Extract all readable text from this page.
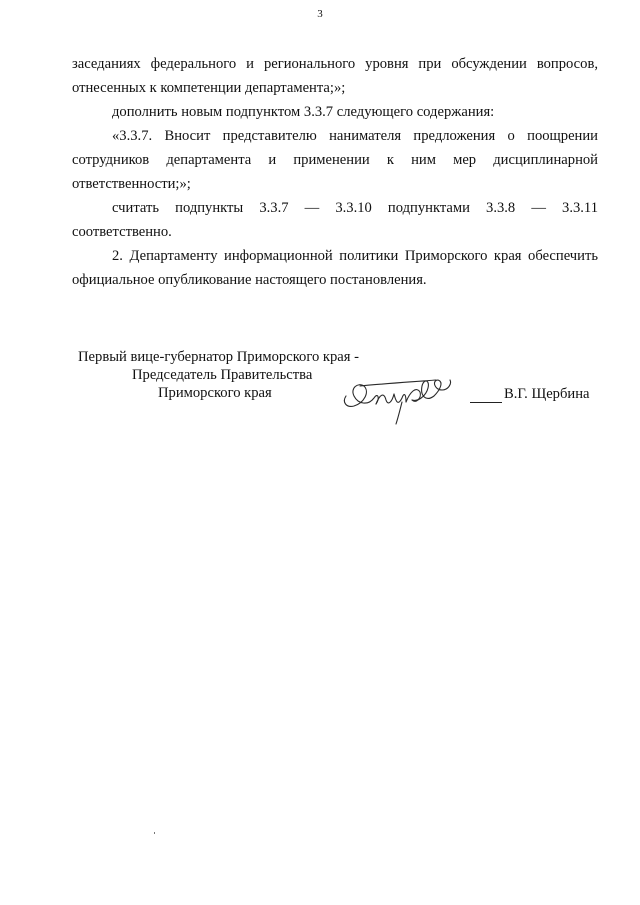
3

заседаниях федерального и регионального уровня при обсуждении вопросов, отнесенных к компетенции департамента;»;

дополнить новым подпунктом 3.3.7 следующего содержания:

«3.3.7. Вносит представителю нанимателя предложения о поощрении сотрудников департамента и применении к ним мер дисциплинарной ответственности;»;

считать подпункты 3.3.7 — 3.3.10 подпунктами 3.3.8 — 3.3.11 соответственно.

2. Департаменту информационной политики Приморского края обеспечить официальное опубликование настоящего постановления.

Первый вице-губернатор Приморского края -
Председатель Правительства
Приморского края	В.Г. Щербина
